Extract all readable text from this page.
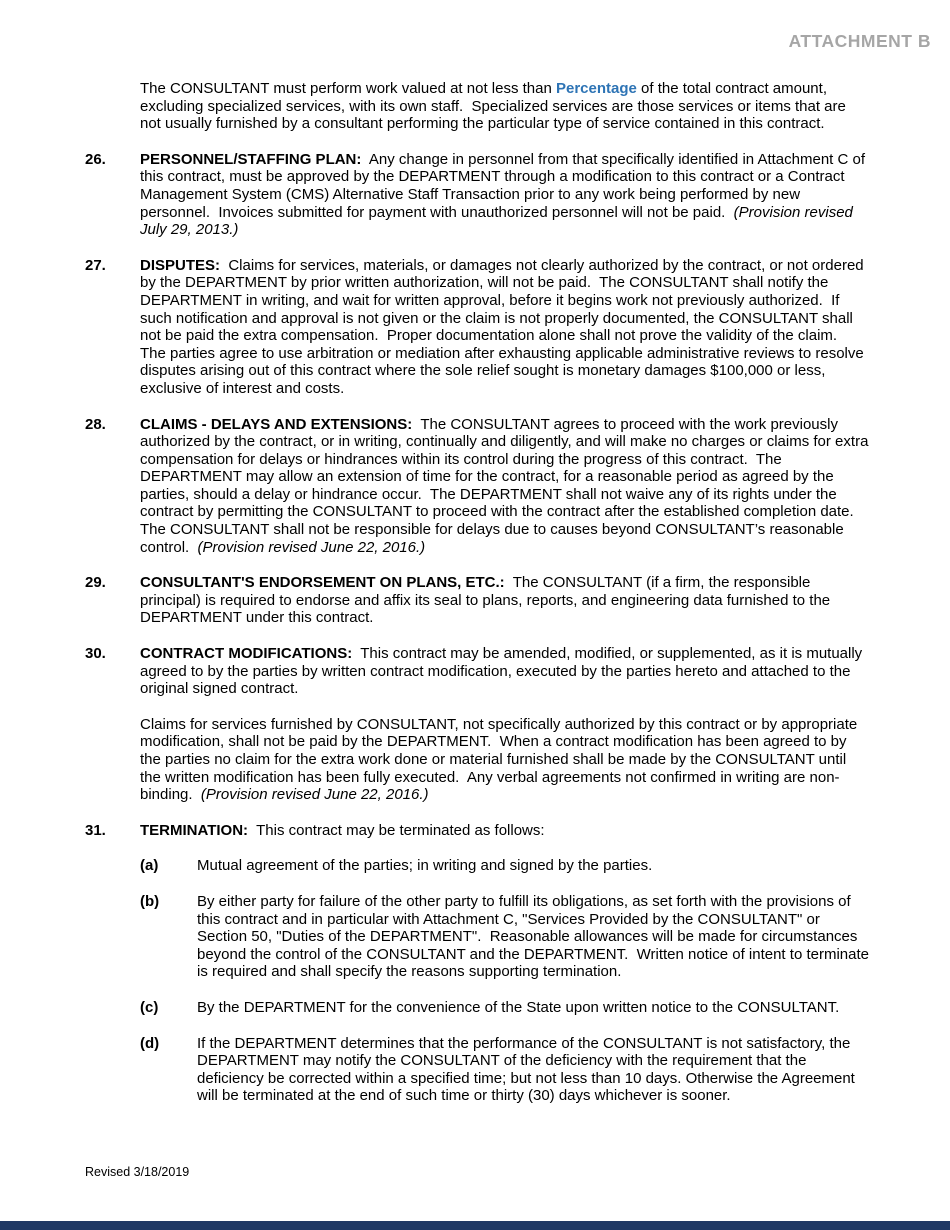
ATTACHMENT B
The CONSULTANT must perform work valued at not less than Percentage of the total contract amount, excluding specialized services, with its own staff.  Specialized services are those services or items that are not usually furnished by a consultant performing the particular type of service contained in this contract.
26.	PERSONNEL/STAFFING PLAN:  Any change in personnel from that specifically identified in Attachment C of this contract, must be approved by the DEPARTMENT through a modification to this contract or a Contract Management System (CMS) Alternative Staff Transaction prior to any work being performed by new personnel.  Invoices submitted for payment with unauthorized personnel will not be paid.  (Provision revised July 29, 2013.)
27.	DISPUTES:  Claims for services, materials, or damages not clearly authorized by the contract, or not ordered by the DEPARTMENT by prior written authorization, will not be paid.  The CONSULTANT shall notify the DEPARTMENT in writing, and wait for written approval, before it begins work not previously authorized.  If such notification and approval is not given or the claim is not properly documented, the CONSULTANT shall not be paid the extra compensation.  Proper documentation alone shall not prove the validity of the claim.  The parties agree to use arbitration or mediation after exhausting applicable administrative reviews to resolve disputes arising out of this contract where the sole relief sought is monetary damages $100,000 or less, exclusive of interest and costs.
28.	CLAIMS - DELAYS AND EXTENSIONS:  The CONSULTANT agrees to proceed with the work previously authorized by the contract, or in writing, continually and diligently, and will make no charges or claims for extra compensation for delays or hindrances within its control during the progress of this contract.  The DEPARTMENT may allow an extension of time for the contract, for a reasonable period as agreed by the parties, should a delay or hindrance occur.  The DEPARTMENT shall not waive any of its rights under the contract by permitting the CONSULTANT to proceed with the contract after the established completion date.  The CONSULTANT shall not be responsible for delays due to causes beyond CONSULTANT’s reasonable control.  (Provision revised June 22, 2016.)
29.	CONSULTANT'S ENDORSEMENT ON PLANS, ETC.:  The CONSULTANT (if a firm, the responsible principal) is required to endorse and affix its seal to plans, reports, and engineering data furnished to the DEPARTMENT under this contract.
30.	CONTRACT MODIFICATIONS:  This contract may be amended, modified, or supplemented, as it is mutually agreed to by the parties by written contract modification, executed by the parties hereto and attached to the original signed contract.
Claims for services furnished by CONSULTANT, not specifically authorized by this contract or by appropriate modification, shall not be paid by the DEPARTMENT.  When a contract modification has been agreed to by the parties no claim for the extra work done or material furnished shall be made by the CONSULTANT until the written modification has been fully executed.  Any verbal agreements not confirmed in writing are non-binding.  (Provision revised June 22, 2016.)
31.	TERMINATION:  This contract may be terminated as follows:
(a)	Mutual agreement of the parties; in writing and signed by the parties.
(b)	By either party for failure of the other party to fulfill its obligations, as set forth with the provisions of this contract and in particular with Attachment C, "Services Provided by the CONSULTANT" or Section 50, "Duties of the DEPARTMENT".  Reasonable allowances will be made for circumstances beyond the control of the CONSULTANT and the DEPARTMENT.  Written notice of intent to terminate is required and shall specify the reasons supporting termination.
(c)	By the DEPARTMENT for the convenience of the State upon written notice to the CONSULTANT.
(d)	If the DEPARTMENT determines that the performance of the CONSULTANT is not satisfactory, the DEPARTMENT may notify the CONSULTANT of the deficiency with the requirement that the deficiency be corrected within a specified time; but not less than 10 days. Otherwise the Agreement will be terminated at the end of such time or thirty (30) days whichever is sooner.
Revised 3/18/2019
